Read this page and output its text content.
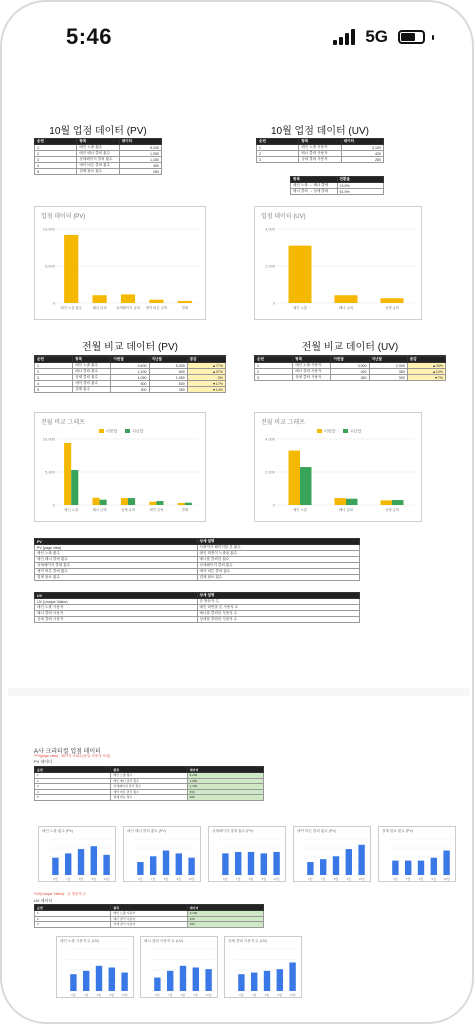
5:46	5G
10월 업점 데이터 (PV)
순번	항목	데이터
1	메인 노출 횟수	9,200
2	메인 배너 클릭 횟수	1,050
3	상세페이지 클릭 횟수	1,150
4	예약 버튼 클릭 횟수	450
5	결제 완료 횟수	280
10월 업점 데이터 (UV)
순번	항목	데이터
1	메인 노출 사용자	3,100
2	배너 클릭 사용자	420
3	상세 클릭 사용자	260
항목	전환율
메인 노출 → 배너 클릭	13.5%
배너 클릭 → 상세 클릭	61.9%
업점 데이터 (PV)
10,000
5,000
0
메인 노출 횟수	배너 클릭	상세페이지 클릭 예약 버튼 클릭	결제
업점 데이터 (UV)
4,000
2,000
0
메인 노출	배너 클릭	상세 클릭
전월 비교 데이터 (PV)
순번	항목	이번달	지난달	증감
1	메인 노출 횟수	9,400	5,300	▲77%
2	배너 클릭 횟수	1,100	800	▲37%
3	상세 클릭 횟수	1,050	1,050	0%
4	예약 클릭 횟수	500	600	▼17%
5	결제 횟수	300	350	▼14%
전월 비교 데이터 (UV)
순번	항목	이번달	지난달	증감
1	메인 노출 사용자	3,300	2,300	▲43%
2	배너 클릭 사용자	420	380	▲10%
3	상세 클릭 사용자	280	300	▼7%
전월 비교 그래프
10,000
5,000
0
메인 노출	배너 클릭	상세 클릭	예약 클릭	결제
이번달	지난달
전월 비교 그래프
4,000
2,000
0
메인 노출	배너 클릭	상세 클릭
이번달	지난달
PV	상세 설명
PV (page view)	사용자가 페이지를 본 횟수
메인 노출 횟수	메인 화면이 노출된 횟수
메인 배너 클릭 횟수	배너를 클릭한 횟수
상세페이지 클릭 횟수	상세페이지 클릭 횟수
예약 버튼 클릭 횟수	예약 버튼 클릭 횟수
결제 완료 횟수	결제 완료 횟수
UV	상세 설명
UV (Unique Visitor)	순 방문자 수
메인 노출 사용자	메인 화면을 본 사용자 수
배너 클릭 사용자	배너를 클릭한 사용자 수
상세 클릭 사용자	상세를 클릭한 사용자 수
A사 크리티컬 업점 데이터
*PV(page view) · 페이지 조회수(동일 사용자 포함)
PV 데이터
순번	항목	데이터
1	메인 노출 횟수	9,200
2	메인 배너 클릭 횟수	1,050
3	상세페이지 클릭 횟수	1,150
4	예약 버튼 클릭 횟수	450
5	결제 완료 횟수	280
메인 노출 횟수 (PV)
6월	7월	8월	9월 10월
메인 배너 클릭 횟수 (PV)
6월	7월	8월	9월 10월
상세페이지 클릭 횟수 (PV)
6월	7월	8월	9월 10월
예약 버튼 클릭 횟수 (PV)
6월	7월	8월	9월 10월
결제 완료 횟수 (PV)
6월	7월	8월	9월 10월
*UV(Unique Visitor) · 순 방문자 수
UV 데이터
순번	항목	데이터
1	메인 노출 사용자	3,100
2	배너 클릭 사용자	420
3	상세 클릭 사용자	260
메인 노출 사용자 수 (UV)
6월	7월	8월	9월 10월
배너 클릭 사용자 수 (UV)
6월	7월	8월	9월 10월
상세 클릭 사용자 수 (UV)
6월	7월	8월	9월 10월
